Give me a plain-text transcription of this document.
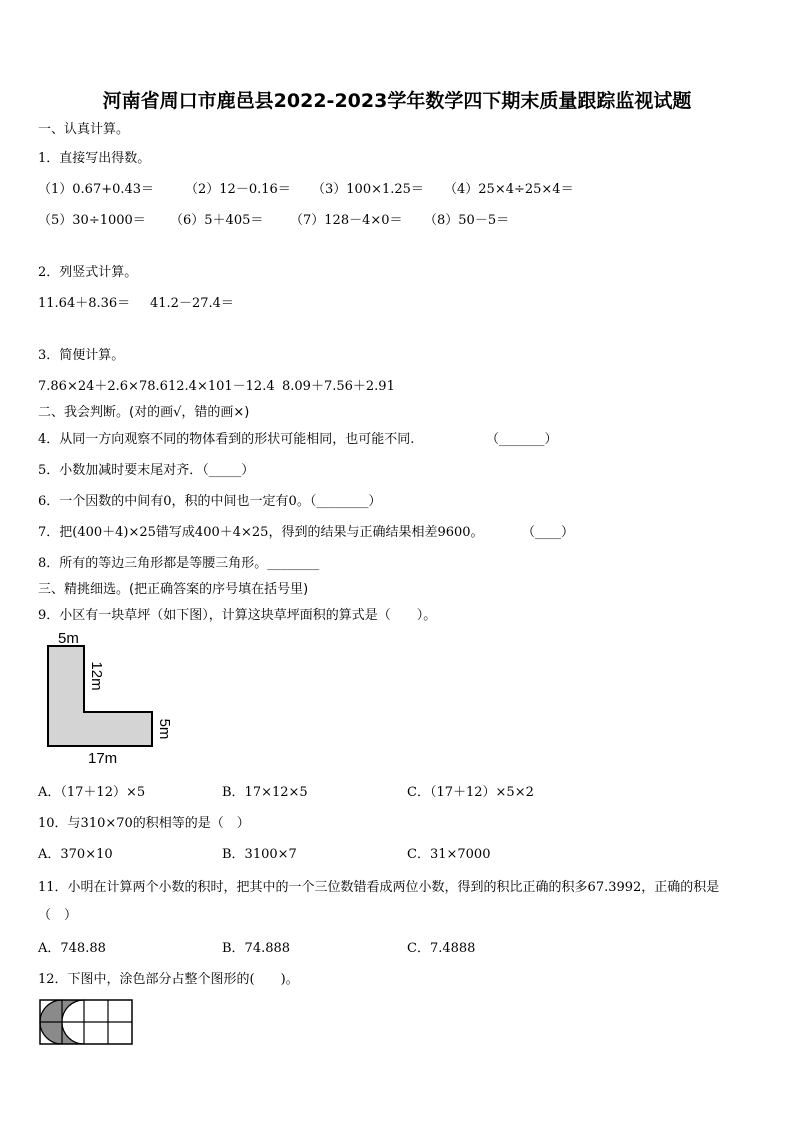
河南省周口市鹿邑县2022-2023学年数学四下期末质量跟踪监视试题
一、认真计算。
1．直接写出得数。
（1）0.67+0.43＝ （2）12－0.16＝ （3）100×1.25＝ （4）25×4÷25×4＝
（5）30÷1000＝ （6）5＋405＝ （7）128－4×0＝ （8）50－5＝
2．列竖式计算。
11.64＋8.36＝ 41.2－27.4＝
3．简便计算。
7.86×24＋2.6×78.6 12.4×101－12.4 8.09＋7.56＋2.91
二、我会判断。(对的画√，错的画×)
4．从同一方向观察不同的物体看到的形状可能相同，也可能不同.	（_______）
5．小数加减时要末尾对齐．（_____）
6．一个因数的中间有0，积的中间也一定有0。（________）
7．把(400＋4)×25错写成400＋4×25，得到的结果与正确结果相差9600。	（____）
8．所有的等边三角形都是等腰三角形。________
三、精挑细选。(把正确答案的序号填在括号里)
9．小区有一块草坪（如下图），计算这块草坪面积的算式是（　　）。
5m
12m
5m
17m
A．（17＋12）×5	B．17×12×5	C．（17＋12）×5×2
10．与310×70的积相等的是（　）
A．370×10	B．3100×7	C．31×7000
11．小明在计算两个小数的积时，把其中的一个三位数错看成两位小数，得到的积比正确的积多67.3992，正确的积是
（　）
A．748.88	B．74.888	C．7.4888
12．下图中，涂色部分占整个图形的(　　)。
